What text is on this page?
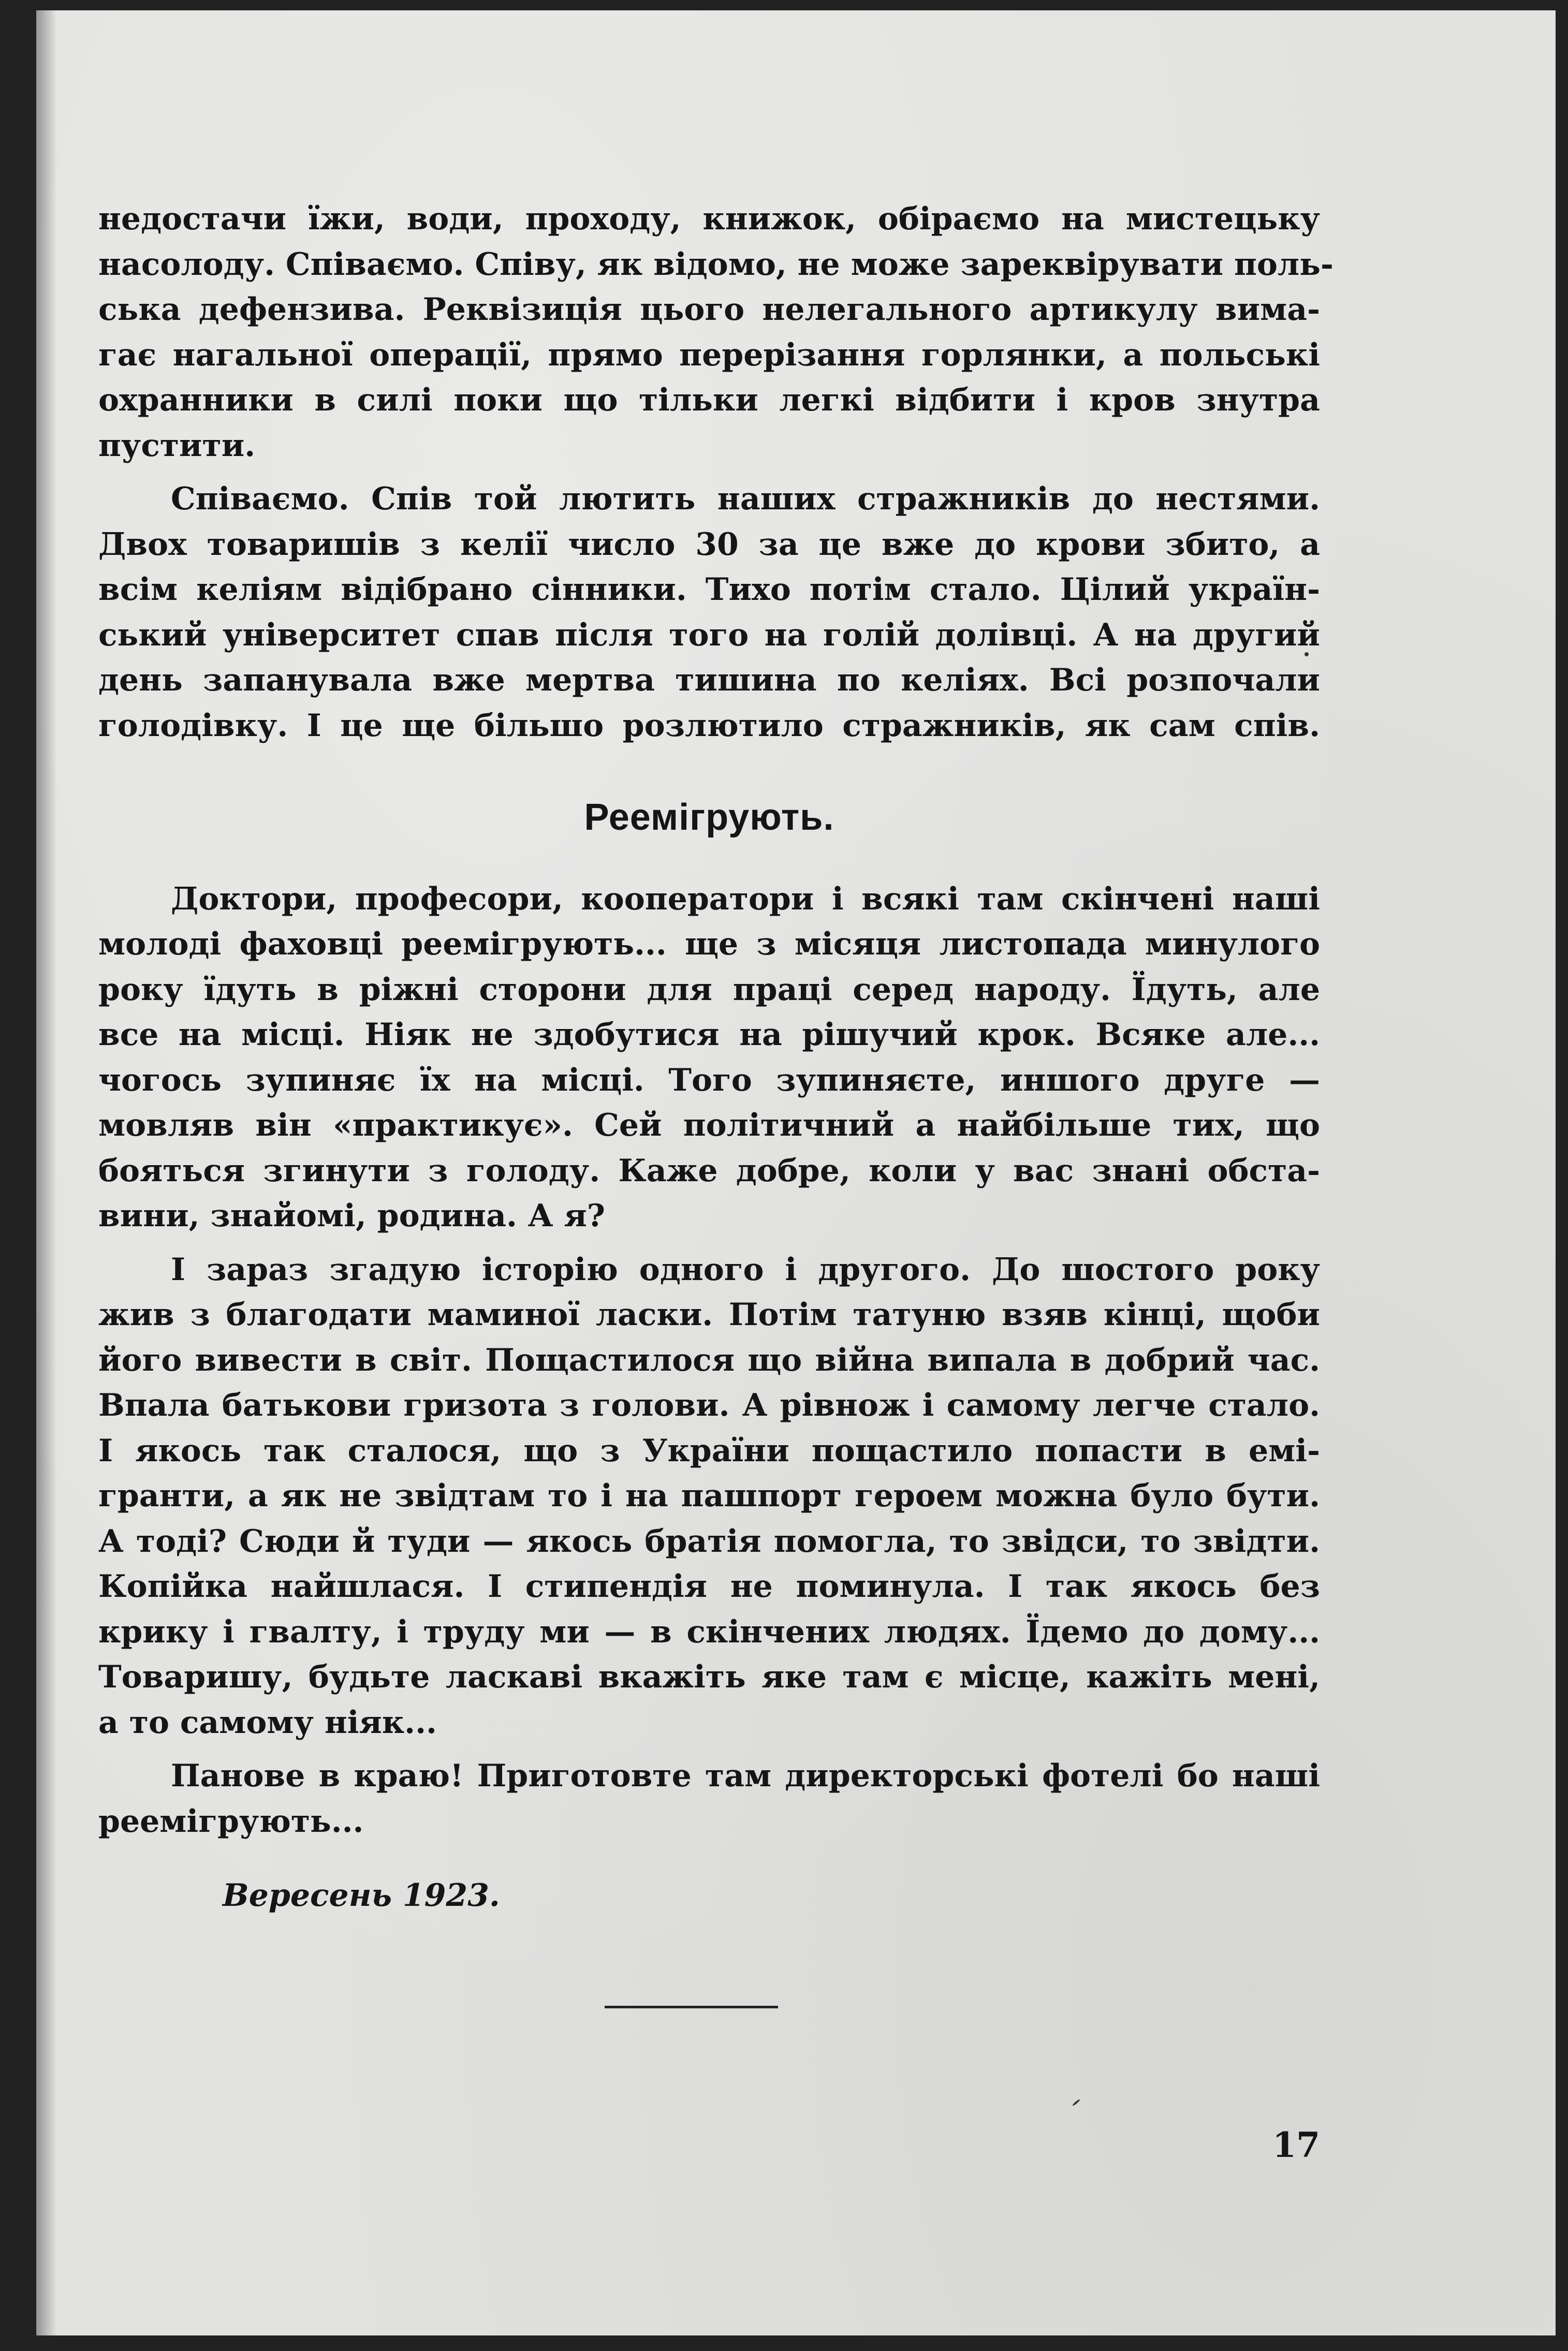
недостачи їжи, води, проходу, книжок, обіраємо на мистецьку
насолоду. Співаємо. Співу, як відомо, не може зареквірувати поль-
ська дефензива. Реквізиція цього нелегального артикулу вима-
гає нагальної операції, прямо перерізання горлянки, а польські
охранники в силі поки що тільки легкі відбити і кров знутра
пустити.
Співаємо. Спів той лютить наших стражників до нестями.
Двох товаришів з келії число 30 за це вже до крови збито, а
всім келіям відібрано сінники. Тихо потім стало. Цілий україн-
ський університет спав після того на голій долівці. А на другий
день запанувала вже мертва тишина по келіях. Всі розпочали
голодівку. І це ще більшо розлютило стражників, як сам спів.
Реемігрують.
Доктори, професори, кооператори і всякі там скінчені наші
молоді фаховці реемігрують... ще з місяця листопада минулого
року їдуть в ріжні сторони для праці серед народу. Їдуть, але
все на місці. Ніяк не здобутися на рішучий крок. Всяке але...
чогось зупиняє їх на місці. Того зупиняєте, иншого друге —
мовляв він «практикує». Сей політичний а найбільше тих, що
бояться згинути з голоду. Каже добре, коли у вас знані обста-
вини, знайомі, родина. А я?
І зараз згадую історію одного і другого. До шостого року
жив з благодати маминої ласки. Потім татуню взяв кінці, щоби
його вивести в світ. Пощастилося що війна випала в добрий час.
Впала батькови гризота з голови. А рівнож і самому легче стало.
І якось так сталося, що з України пощастило попасти в емі-
гранти, а як не звідтам то і на пашпорт героем можна було бути.
А тоді? Сюди й туди — якось братія помогла, то звідси, то звідти.
Копійка найшлася. І стипендія не поминула. І так якось без
крику і гвалту, і труду ми — в скінчених людях. Їдемо до дому...
Товаришу, будьте ласкаві вкажіть яке там є місце, кажіть мені,
а то самому ніяк...
Панове в краю! Приготовте там директорські фотелі бо наші
реемігрують...
Вересень 1923.
17
